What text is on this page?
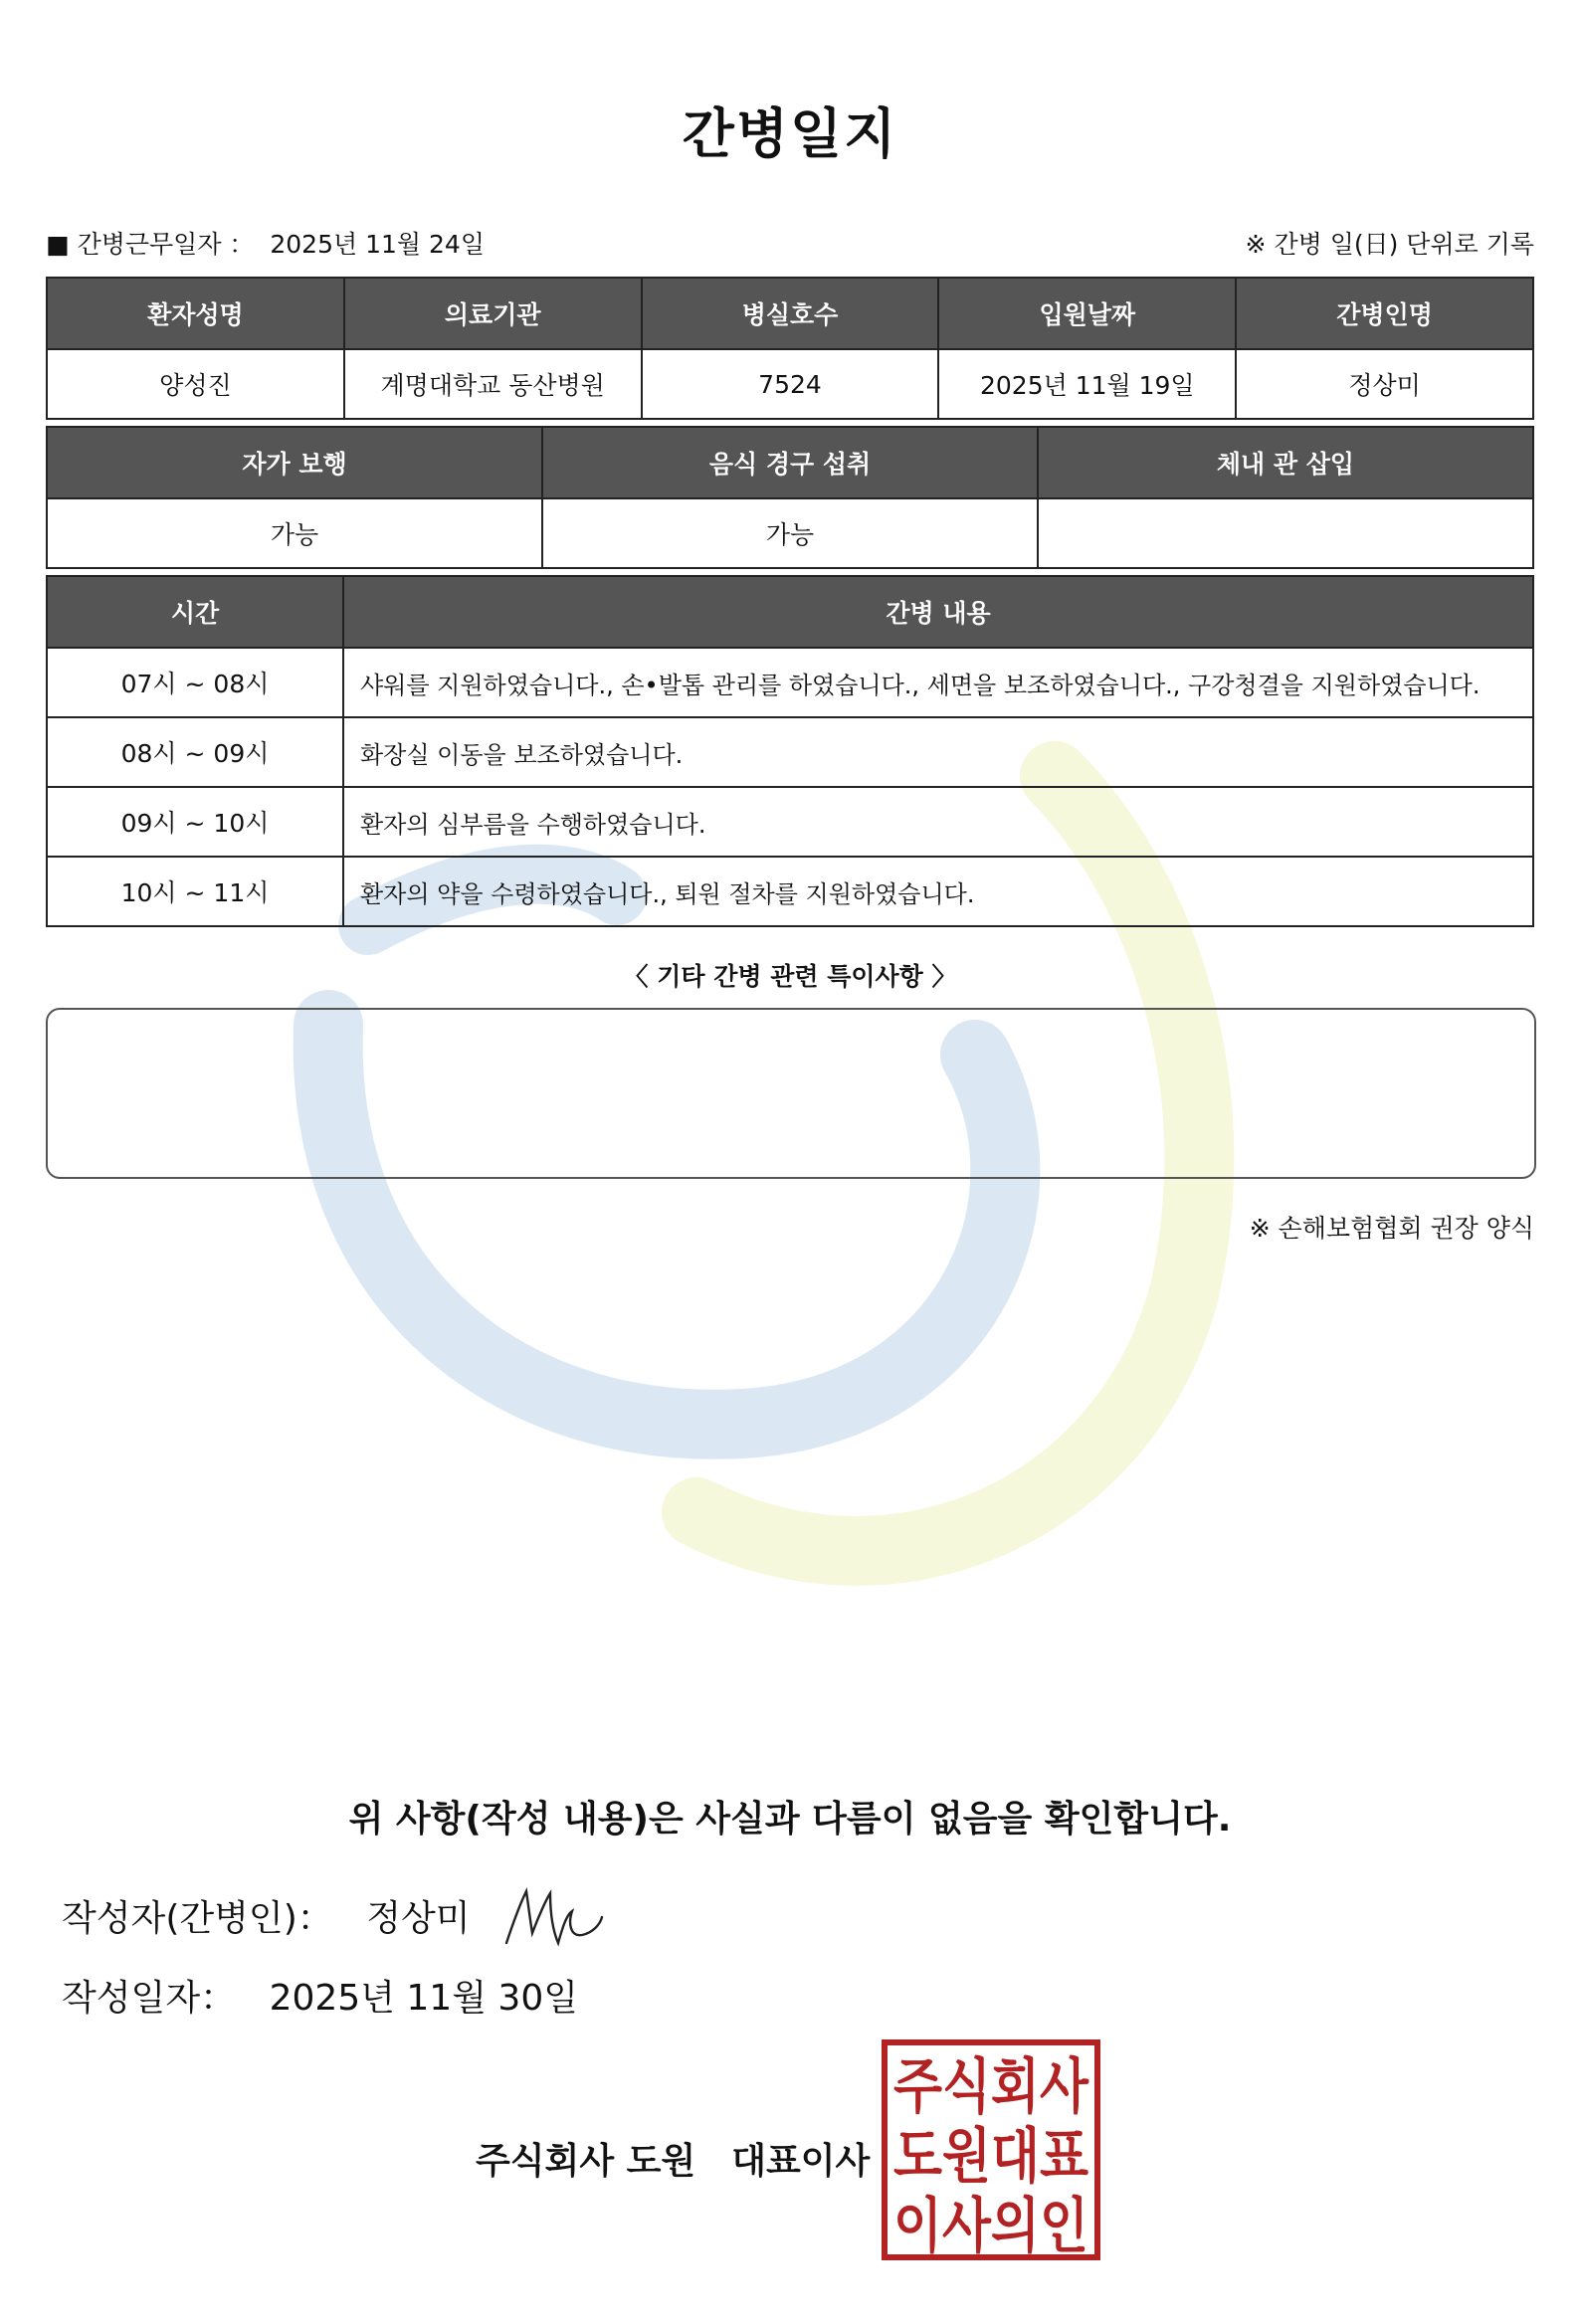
간병일지
■ 간병근무일자 ： 2025년 11월 24일	※ 간병 일(日) 단위로 기록
환자성명	의료기관	병실호수	입원날짜	간병인명
양성진	계명대학교 동산병원	7524	2025년 11월 19일	정상미
자가 보행	음식 경구 섭취	체내 관 삽입
가능	가능	
시간	간병 내용
07시 ~ 08시	샤워를 지원하였습니다., 손•발톱 관리를 하였습니다., 세면을 보조하였습니다., 구강청결을 지원하였습니다.
08시 ~ 09시	화장실 이동을 보조하였습니다.
09시 ~ 10시	환자의 심부름을 수행하였습니다.
10시 ~ 11시	환자의 약을 수령하였습니다., 퇴원 절차를 지원하였습니다.
〈 기타 간병 관련 특이사항 〉
※ 손해보험협회 권장 양식
위 사항(작성 내용)은 사실과 다름이 없음을 확인합니다.
작성자(간병인)： 정상미
작성일자： 2025년 11월 30일
주식회사 도원　대표이사
주식회사
도원대표
이사의인
